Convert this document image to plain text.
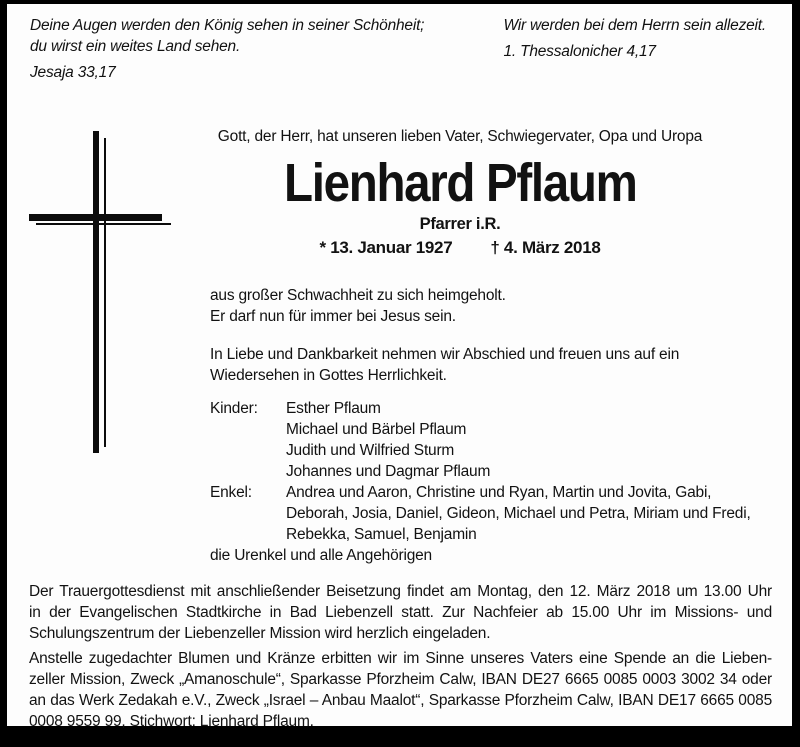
Deine Augen werden den König sehen in seiner Schönheit;
du wirst ein weites Land sehen.
Jesaja 33,17
Wir werden bei dem Herrn sein allezeit.
1. Thessalonicher 4,17
Gott, der Herr, hat unseren lieben Vater, Schwiegervater, Opa und Uropa
Lienhard Pflaum
Pfarrer i.R.
* 13. Januar 1927 † 4. März 2018
aus großer Schwachheit zu sich heimgeholt.
Er darf nun für immer bei Jesus sein.
In Liebe und Dankbarkeit nehmen wir Abschied und freuen uns auf ein
Wiedersehen in Gottes Herrlichkeit.
Kinder:	Esther Pflaum
Michael und Bärbel Pflaum
Judith und Wilfried Sturm
Johannes und Dagmar Pflaum
Enkel:	Andrea und Aaron, Christine und Ryan, Martin und Jovita, Gabi,
Deborah, Josia, Daniel, Gideon, Michael und Petra, Miriam und Fredi,
Rebekka, Samuel, Benjamin
die Urenkel und alle Angehörigen
Der Trauergottesdienst mit anschließender Beisetzung findet am Montag, den 12. März 2018 um 13.00 Uhr
in der Evangelischen Stadtkirche in Bad Liebenzell statt. Zur Nachfeier ab 15.00 Uhr im Missions- und
Schulungszentrum der Liebenzeller Mission wird herzlich eingeladen.
Anstelle zugedachter Blumen und Kränze erbitten wir im Sinne unseres Vaters eine Spende an die Lieben-
zeller Mission, Zweck „Amanoschule“, Sparkasse Pforzheim Calw, IBAN DE27 6665 0085 0003 3002 34 oder
an das Werk Zedakah e.V., Zweck „Israel – Anbau Maalot“, Sparkasse Pforzheim Calw, IBAN DE17 6665 0085
0008 9559 99, Stichwort: Lienhard Pflaum.
